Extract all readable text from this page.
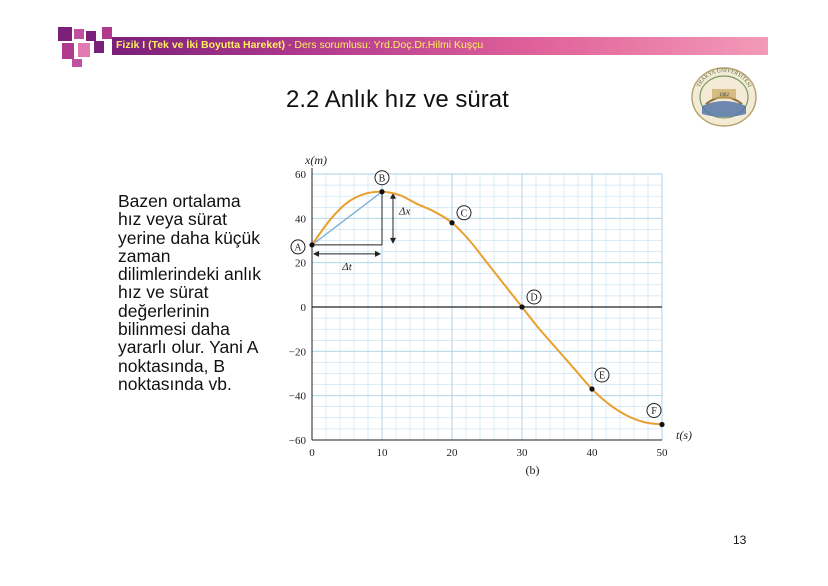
Fizik I (Tek ve İki Boyutta Hareket) - Ders sorumlusu: Yrd.Doç.Dr.Hilmi Kuşçu
2.2 Anlık hız ve sürat	1982
TRAKYA ÜNİVERSİTESİ
Bazen ortalama
hız veya sürat
yerine daha küçük
zaman
dilimlerindeki anlık
hız ve sürat
değerlerinin
bilinmesi daha
yararlı olur. Yani A
noktasında, B
noktasında vb.
0	10	20	30	40	50
60
40
20
0
−20
−40
−60
x(m)
t(s)
(b)
Δx
Δt
A
B
C
D
E
F
13
